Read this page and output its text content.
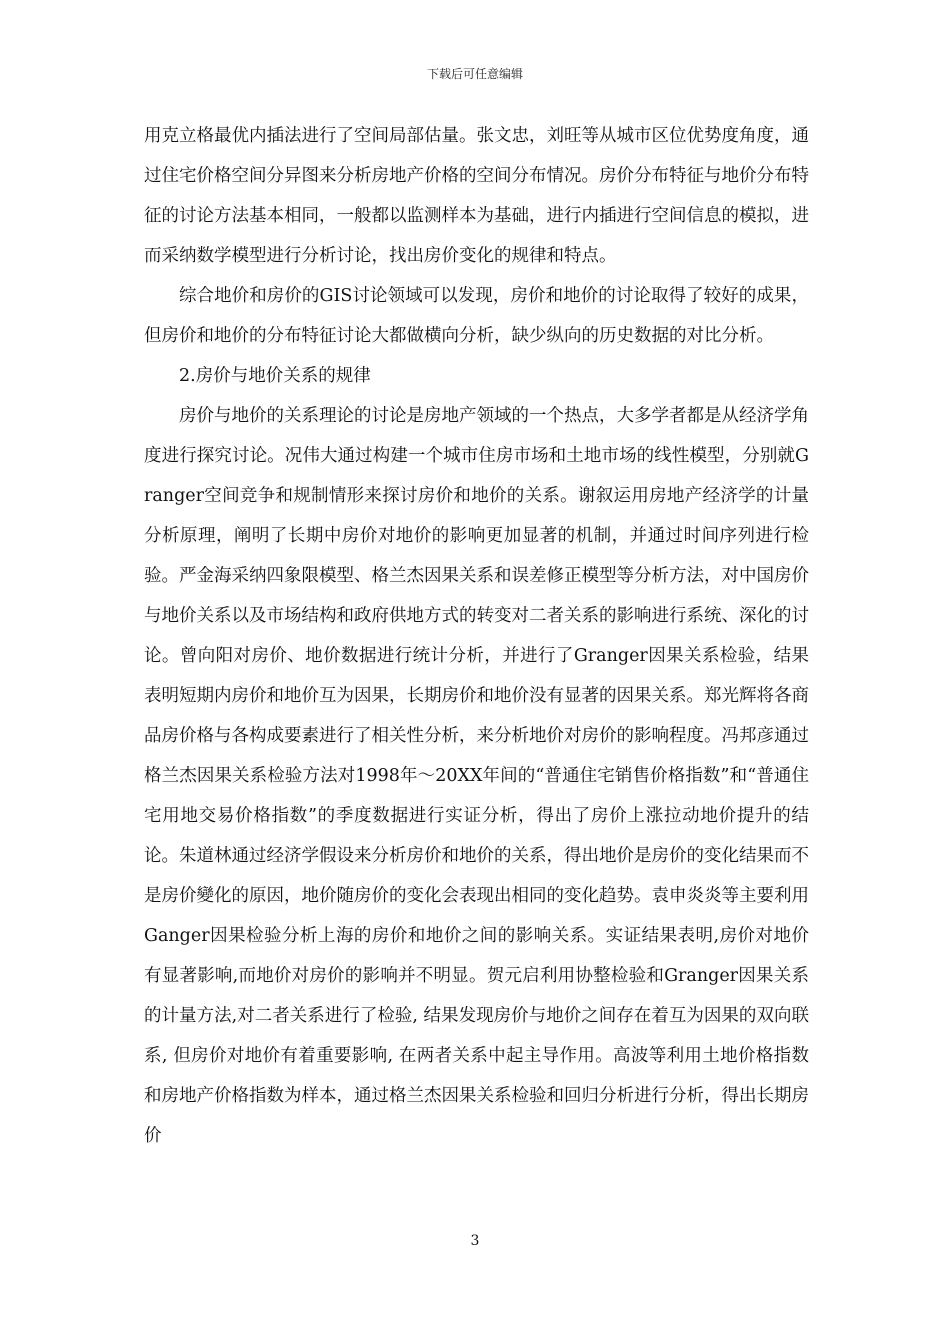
下载后可任意编辑

用克立格最优内插法进行了空间局部估量。张文忠，刘旺等从城市区位优势度角度，通过住宅价格空间分异图来分析房地产价格的空间分布情况。房价分布特征与地价分布特征的讨论方法基本相同，一般都以监测样本为基础，进行内插进行空间信息的模拟，进而采纳数学模型进行分析讨论，找出房价变化的规律和特点。

综合地价和房价的GIS讨论领域可以发现，房价和地价的讨论取得了较好的成果，但房价和地价的分布特征讨论大都做横向分析，缺少纵向的历史数据的对比分析。

2.房价与地价关系的规律

房价与地价的关系理论的讨论是房地产领域的一个热点，大多学者都是从经济学角度进行探究讨论。况伟大通过构建一个城市住房市场和土地市场的线性模型，分别就Granger空间竞争和规制情形来探讨房价和地价的关系。谢叙运用房地产经济学的计量分析原理，阐明了长期中房价对地价的影响更加显著的机制，并通过时间序列进行检验。严金海采纳四象限模型、格兰杰因果关系和误差修正模型等分析方法，对中国房价与地价关系以及市场结构和政府供地方式的转变对二者关系的影响进行系统、深化的讨论。曾向阳对房价、地价数据进行统计分析，并进行了Granger因果关系检验，结果表明短期内房价和地价互为因果，长期房价和地价没有显著的因果关系。郑光辉将各商品房价格与各构成要素进行了相关性分析，来分析地价对房价的影响程度。冯邦彦通过格兰杰因果关系检验方法对1998年～20XX年间的“普通住宅销售价格指数”和“普通住宅用地交易价格指数”的季度数据进行实证分析，得出了房价上涨拉动地价提升的结论。朱道林通过经济学假设来分析房价和地价的关系，得出地价是房价的变化结果而不是房价變化的原因，地价随房价的变化会表现出相同的变化趋势。袁申炎炎等主要利用Ganger因果检验分析上海的房价和地价之间的影响关系。实证结果表明,房价对地价有显著影响,而地价对房价的影响并不明显。贺元启利用协整检验和Granger因果关系的计量方法,对二者关系进行了检验, 结果发现房价与地价之间存在着互为因果的双向联系, 但房价对地价有着重要影响, 在两者关系中起主导作用。高波等利用土地价格指数和房地产价格指数为样本，通过格兰杰因果关系检验和回归分析进行分析，得出长期房价

3
